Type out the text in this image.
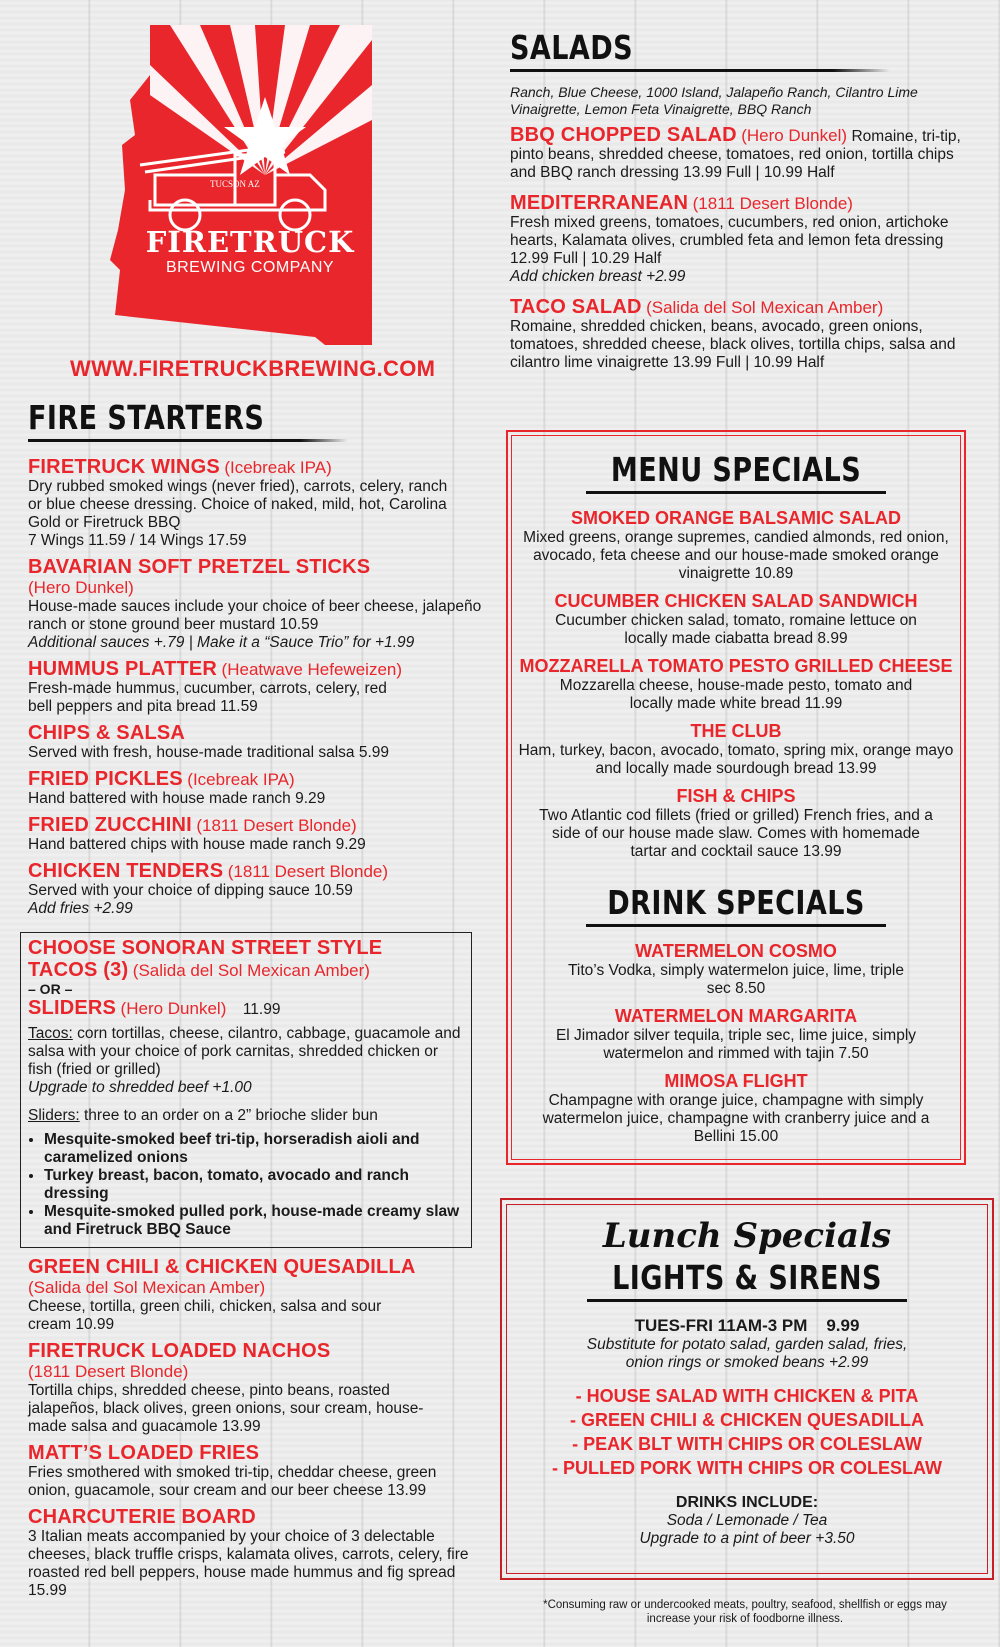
TUCSON AZ
FIRETRUCK
BREWING COMPANY
WWW.FIRETRUCKBREWING.COM
FIRE STARTERS
FIRETRUCK WINGS (Icebreak IPA)
Dry rubbed smoked wings (never fried), carrots, celery, ranch or blue cheese dressing. Choice of naked, mild, hot, Carolina Gold or Firetruck BBQ
7 Wings 11.59 / 14 Wings 17.59
BAVARIAN SOFT PRETZEL STICKS
(Hero Dunkel)
House-made sauces include your choice of beer cheese, jalapeño ranch or stone ground beer mustard 10.59
Additional sauces +.79 | Make it a “Sauce Trio” for +1.99
HUMMUS PLATTER (Heatwave Hefeweizen)
Fresh-made hummus, cucumber, carrots, celery, red bell peppers and pita bread 11.59
CHIPS & SALSA
Served with fresh, house-made traditional salsa 5.99
FRIED PICKLES (Icebreak IPA)
Hand battered with house made ranch 9.29
FRIED ZUCCHINI (1811 Desert Blonde)
Hand battered chips with house made ranch 9.29
CHICKEN TENDERS (1811 Desert Blonde)
Served with your choice of dipping sauce 10.59
Add fries +2.99
CHOOSE SONORAN STREET STYLE
TACOS (3) (Salida del Sol Mexican Amber)
– OR –
SLIDERS (Hero Dunkel) 11.99
Tacos: corn tortillas, cheese, cilantro, cabbage, guacamole and salsa with your choice of pork carnitas, shredded chicken or fish (fried or grilled)
Upgrade to shredded beef +1.00
Sliders: three to an order on a 2” brioche slider bun
• Mesquite-smoked beef tri-tip, horseradish aioli and caramelized onions
• Turkey breast, bacon, tomato, avocado and ranch dressing
• Mesquite-smoked pulled pork, house-made creamy slaw and Firetruck BBQ Sauce
GREEN CHILI & CHICKEN QUESADILLA
(Salida del Sol Mexican Amber)
Cheese, tortilla, green chili, chicken, salsa and sour cream 10.99
FIRETRUCK LOADED NACHOS
(1811 Desert Blonde)
Tortilla chips, shredded cheese, pinto beans, roasted jalapeños, black olives, green onions, sour cream, house-made salsa and guacamole 13.99
MATT’S LOADED FRIES
Fries smothered with smoked tri-tip, cheddar cheese, green onion, guacamole, sour cream and our beer cheese 13.99
CHARCUTERIE BOARD
3 Italian meats accompanied by your choice of 3 delectable cheeses, black truffle crisps, kalamata olives, carrots, celery, fire roasted red bell peppers, house made hummus and fig spread 15.99
SALADS
Ranch, Blue Cheese, 1000 Island, Jalapeño Ranch, Cilantro Lime Vinaigrette, Lemon Feta Vinaigrette, BBQ Ranch
BBQ CHOPPED SALAD (Hero Dunkel) Romaine, tri-tip, pinto beans, shredded cheese, tomatoes, red onion, tortilla chips and BBQ ranch dressing 13.99 Full | 10.99 Half
MEDITERRANEAN (1811 Desert Blonde)
Fresh mixed greens, tomatoes, cucumbers, red onion, artichoke hearts, Kalamata olives, crumbled feta and lemon feta dressing 12.99 Full | 10.29 Half
Add chicken breast +2.99
TACO SALAD (Salida del Sol Mexican Amber)
Romaine, shredded chicken, beans, avocado, green onions, tomatoes, shredded cheese, black olives, tortilla chips, salsa and cilantro lime vinaigrette 13.99 Full | 10.99 Half
MENU SPECIALS
SMOKED ORANGE BALSAMIC SALAD
Mixed greens, orange supremes, candied almonds, red onion, avocado, feta cheese and our house-made smoked orange vinaigrette 10.89
CUCUMBER CHICKEN SALAD SANDWICH
Cucumber chicken salad, tomato, romaine lettuce on locally made ciabatta bread 8.99
MOZZARELLA TOMATO PESTO GRILLED CHEESE
Mozzarella cheese, house-made pesto, tomato and locally made white bread 11.99
THE CLUB
Ham, turkey, bacon, avocado, tomato, spring mix, orange mayo and locally made sourdough bread 13.99
FISH & CHIPS
Two Atlantic cod fillets (fried or grilled) French fries, and a side of our house made slaw. Comes with homemade tartar and cocktail sauce 13.99
DRINK SPECIALS
WATERMELON COSMO
Tito’s Vodka, simply watermelon juice, lime, triple sec 8.50
WATERMELON MARGARITA
El Jimador silver tequila, triple sec, lime juice, simply watermelon and rimmed with tajin 7.50
MIMOSA FLIGHT
Champagne with orange juice, champagne with simply watermelon juice, champagne with cranberry juice and a Bellini 15.00
Lunch Specials
LIGHTS & SIRENS
TUES-FRI 11AM-3 PM    9.99
Substitute for potato salad, garden salad, fries, onion rings or smoked beans +2.99
- HOUSE SALAD WITH CHICKEN & PITA
- GREEN CHILI & CHICKEN QUESADILLA
- PEAK BLT WITH CHIPS OR COLESLAW
- PULLED PORK WITH CHIPS OR COLESLAW
DRINKS INCLUDE:
Soda / Lemonade / Tea
Upgrade to a pint of beer +3.50
*Consuming raw or undercooked meats, poultry, seafood, shellfish or eggs may increase your risk of foodborne illness.
